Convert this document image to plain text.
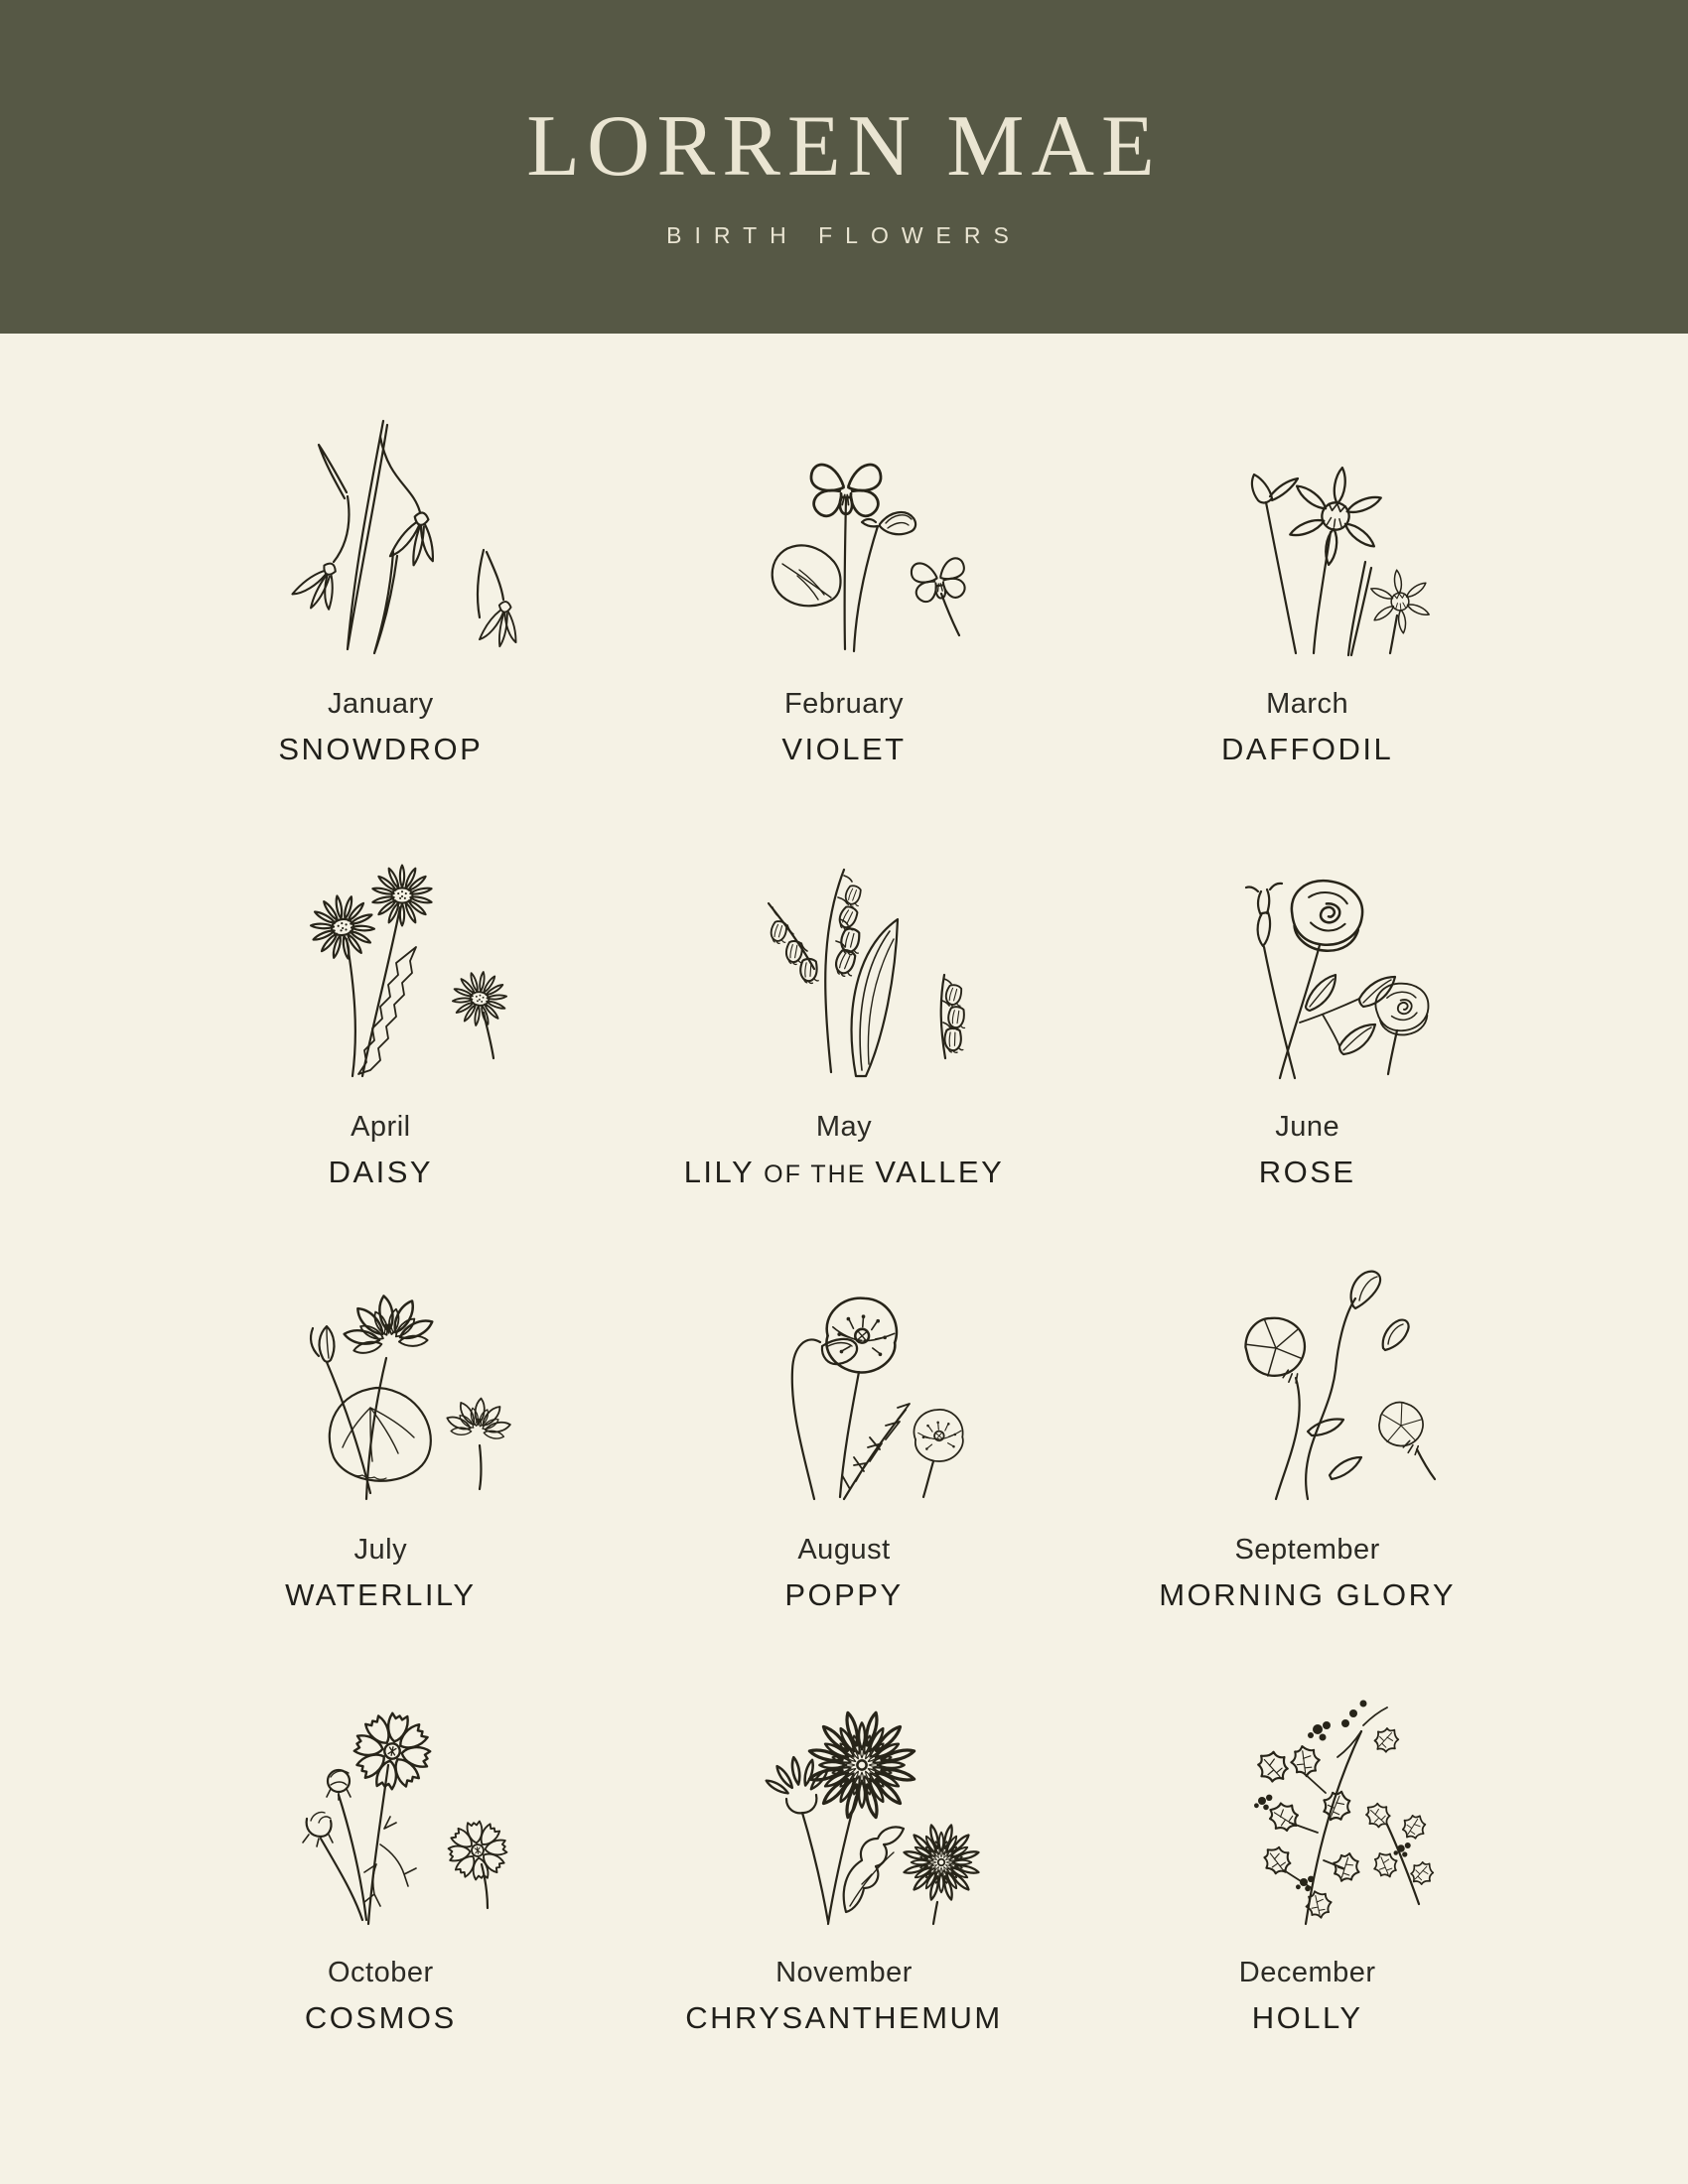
LORREN MAE
BIRTH FLOWERS
January
SNOWDROP
February
VIOLET
March
DAFFODIL
April
DAISY
May
LILY OF THE VALLEY
June
ROSE
July
WATERLILY
August
POPPY
September
MORNING GLORY
October
COSMOS
November
CHRYSANTHEMUM
December
HOLLY
